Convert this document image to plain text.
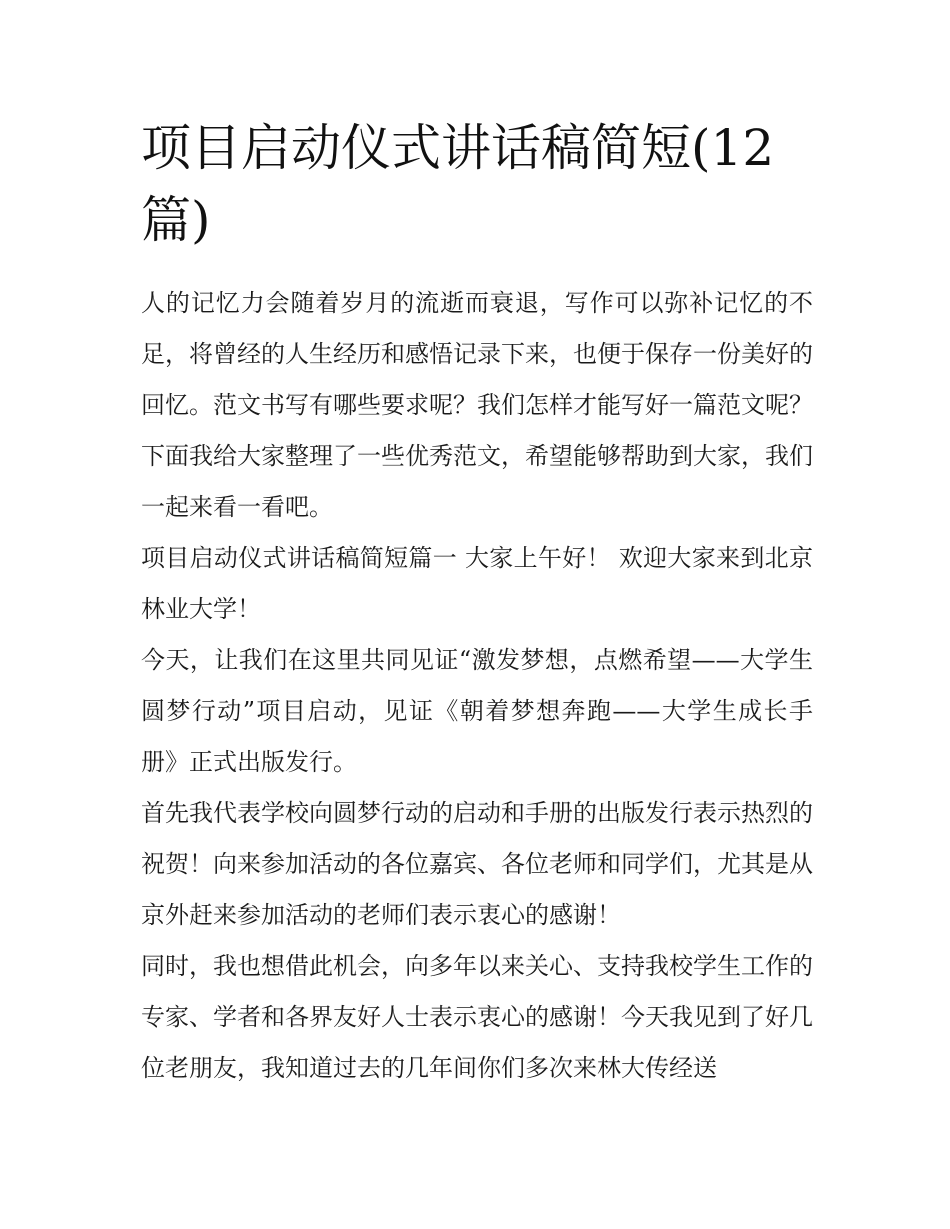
项目启动仪式讲话稿简短(12篇)

人的记忆力会随着岁月的流逝而衰退，写作可以弥补记忆的不足，将曾经的人生经历和感悟记录下来，也便于保存一份美好的回忆。范文书写有哪些要求呢？我们怎样才能写好一篇范文呢？下面我给大家整理了一些优秀范文，希望能够帮助到大家，我们一起来看一看吧。

项目启动仪式讲话稿简短篇一 大家上午好！ 欢迎大家来到北京林业大学！

今天，让我们在这里共同见证“激发梦想，点燃希望——大学生圆梦行动”项目启动，见证《朝着梦想奔跑——大学生成长手册》正式出版发行。

首先我代表学校向圆梦行动的启动和手册的出版发行表示热烈的祝贺！向来参加活动的各位嘉宾、各位老师和同学们，尤其是从京外赶来参加活动的老师们表示衷心的感谢！

同时，我也想借此机会，向多年以来关心、支持我校学生工作的专家、学者和各界友好人士表示衷心的感谢！今天我见到了好几位老朋友，我知道过去的几年间你们多次来林大传经送
